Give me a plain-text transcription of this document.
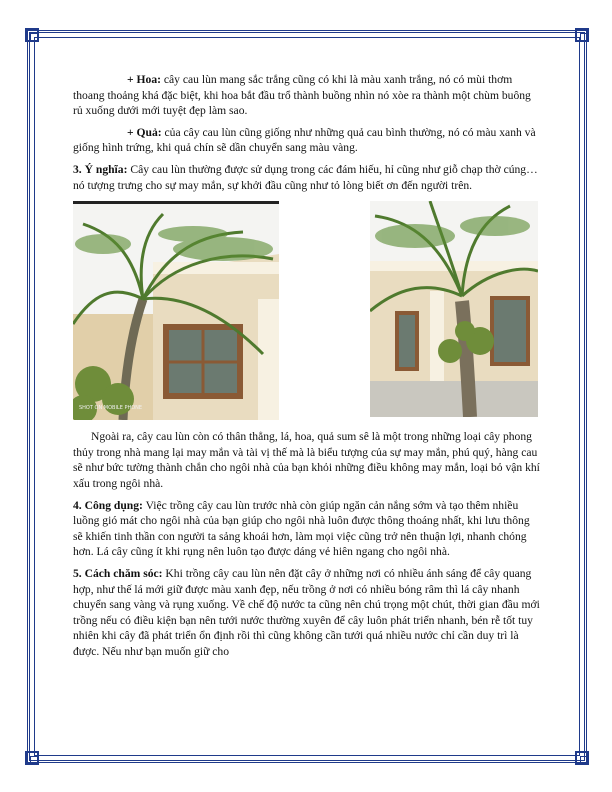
+ Hoa: cây cau lùn mang sắc trắng cũng có khi là màu xanh trắng, nó có mùi thơm thoang thoảng khá đặc biệt, khi hoa bắt đầu trổ thành buồng nhìn nó xòe ra thành một chùm buông rủ xuống dưới mới tuyệt đẹp làm sao.

+ Quả: của cây cau lùn cũng giống như những quả cau bình thường, nó có màu xanh và giống hình trứng, khi quả chín sẽ dần chuyển sang màu vàng.

3. Ý nghĩa: Cây cau lùn thường được sử dụng trong các đám hiếu, hỉ cũng như giỗ chạp thờ cúng… nó tượng trưng cho sự may mắn, sự khởi đầu cũng như tỏ lòng biết ơn đến người trên.

SHOT ON MOBILE PHONE

Ngoài ra, cây cau lùn còn có thân thẳng, lá, hoa, quả sum sê là một trong những loại cây phong thủy trong nhà mang lại may mắn và tài vị thế mà là biểu tượng của sự may mắn, phú quý, hàng cau sẽ như bức tường thành chắn cho ngôi nhà của bạn khỏi những điều không may mắn, loại bỏ vận khí xấu trong ngôi nhà.

4. Công dụng: Việc trồng cây cau lùn trước nhà còn giúp ngăn cản nắng sớm và tạo thêm nhiều luồng gió mát cho ngôi nhà của bạn giúp cho ngôi nhà luôn được thông thoáng nhất, khi lưu thông sẽ khiến tinh thần con người ta sảng khoái hơn, làm mọi việc cũng trở nên thuận lợi, nhanh chóng hơn. Lá cây cũng ít khi rụng nên luôn tạo được dáng vẻ hiên ngang cho ngôi nhà.

5. Cách chăm sóc: Khi trồng cây cau lùn nên đặt cây ở những nơi có nhiều ánh sáng để cây quang hợp, như thế lá mới giữ được màu xanh đẹp, nếu trồng ở nơi có nhiều bóng râm thì lá cây nhanh chuyển sang vàng và rụng xuống. Về chế độ nước ta cũng nên chú trọng một chút, thời gian đầu mới trồng nếu có điều kiện bạn nên tưới nước thường xuyên để cây luôn phát triển nhanh, bén rễ tốt tuy nhiên khi cây đã phát triển ổn định rồi thì cũng không cần tưới quá nhiều nước chỉ cần duy trì là được. Nếu như bạn muốn giữ cho
